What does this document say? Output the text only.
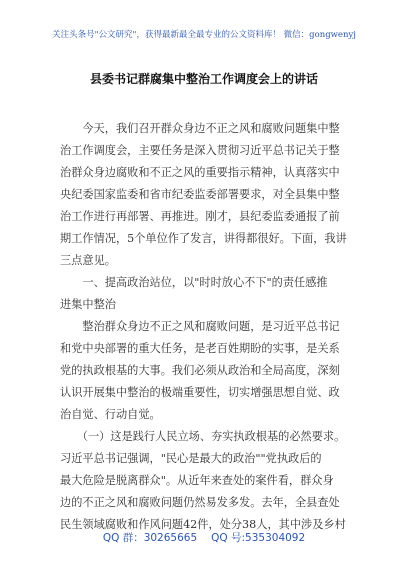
关注头条号"公文研究"，获得最新最全最专业的公文资料库！ 微信：gongwenyj
县委书记群腐集中整治工作调度会上的讲话
　　今天，我们召开群众身边不正之风和腐败问题集中整
治工作调度会，主要任务是深入贯彻习近平总书记关于整
治群众身边腐败和不正之风的重要指示精神，认真落实中
央纪委国家监委和省市纪委监委部署要求，对全县集中整
治工作进行再部署、再推进。刚才，县纪委监委通报了前
期工作情况，5个单位作了发言，讲得都很好。下面，我讲
三点意见。
　　一、提高政治站位，以"时时放心不下"的责任感推
进集中整治
　　整治群众身边不正之风和腐败问题，是习近平总书记
和党中央部署的重大任务，是老百姓期盼的实事，是关系
党的执政根基的大事。我们必须从政治和全局高度，深刻
认识开展集中整治的极端重要性，切实增强思想自觉、政
治自觉、行动自觉。
　　（一）这是践行人民立场、夯实执政根基的必然要求。
习近平总书记强调，"民心是最大的政治""党执政后的
最大危险是脱离群众"。从近年来查处的案件看，群众身
边的不正之风和腐败问题仍然易发多发。去年，全县查处
民生领域腐败和作风问题42件，处分38人，其中涉及乡村
QQ 群：30265665 QQ 号:535304092
